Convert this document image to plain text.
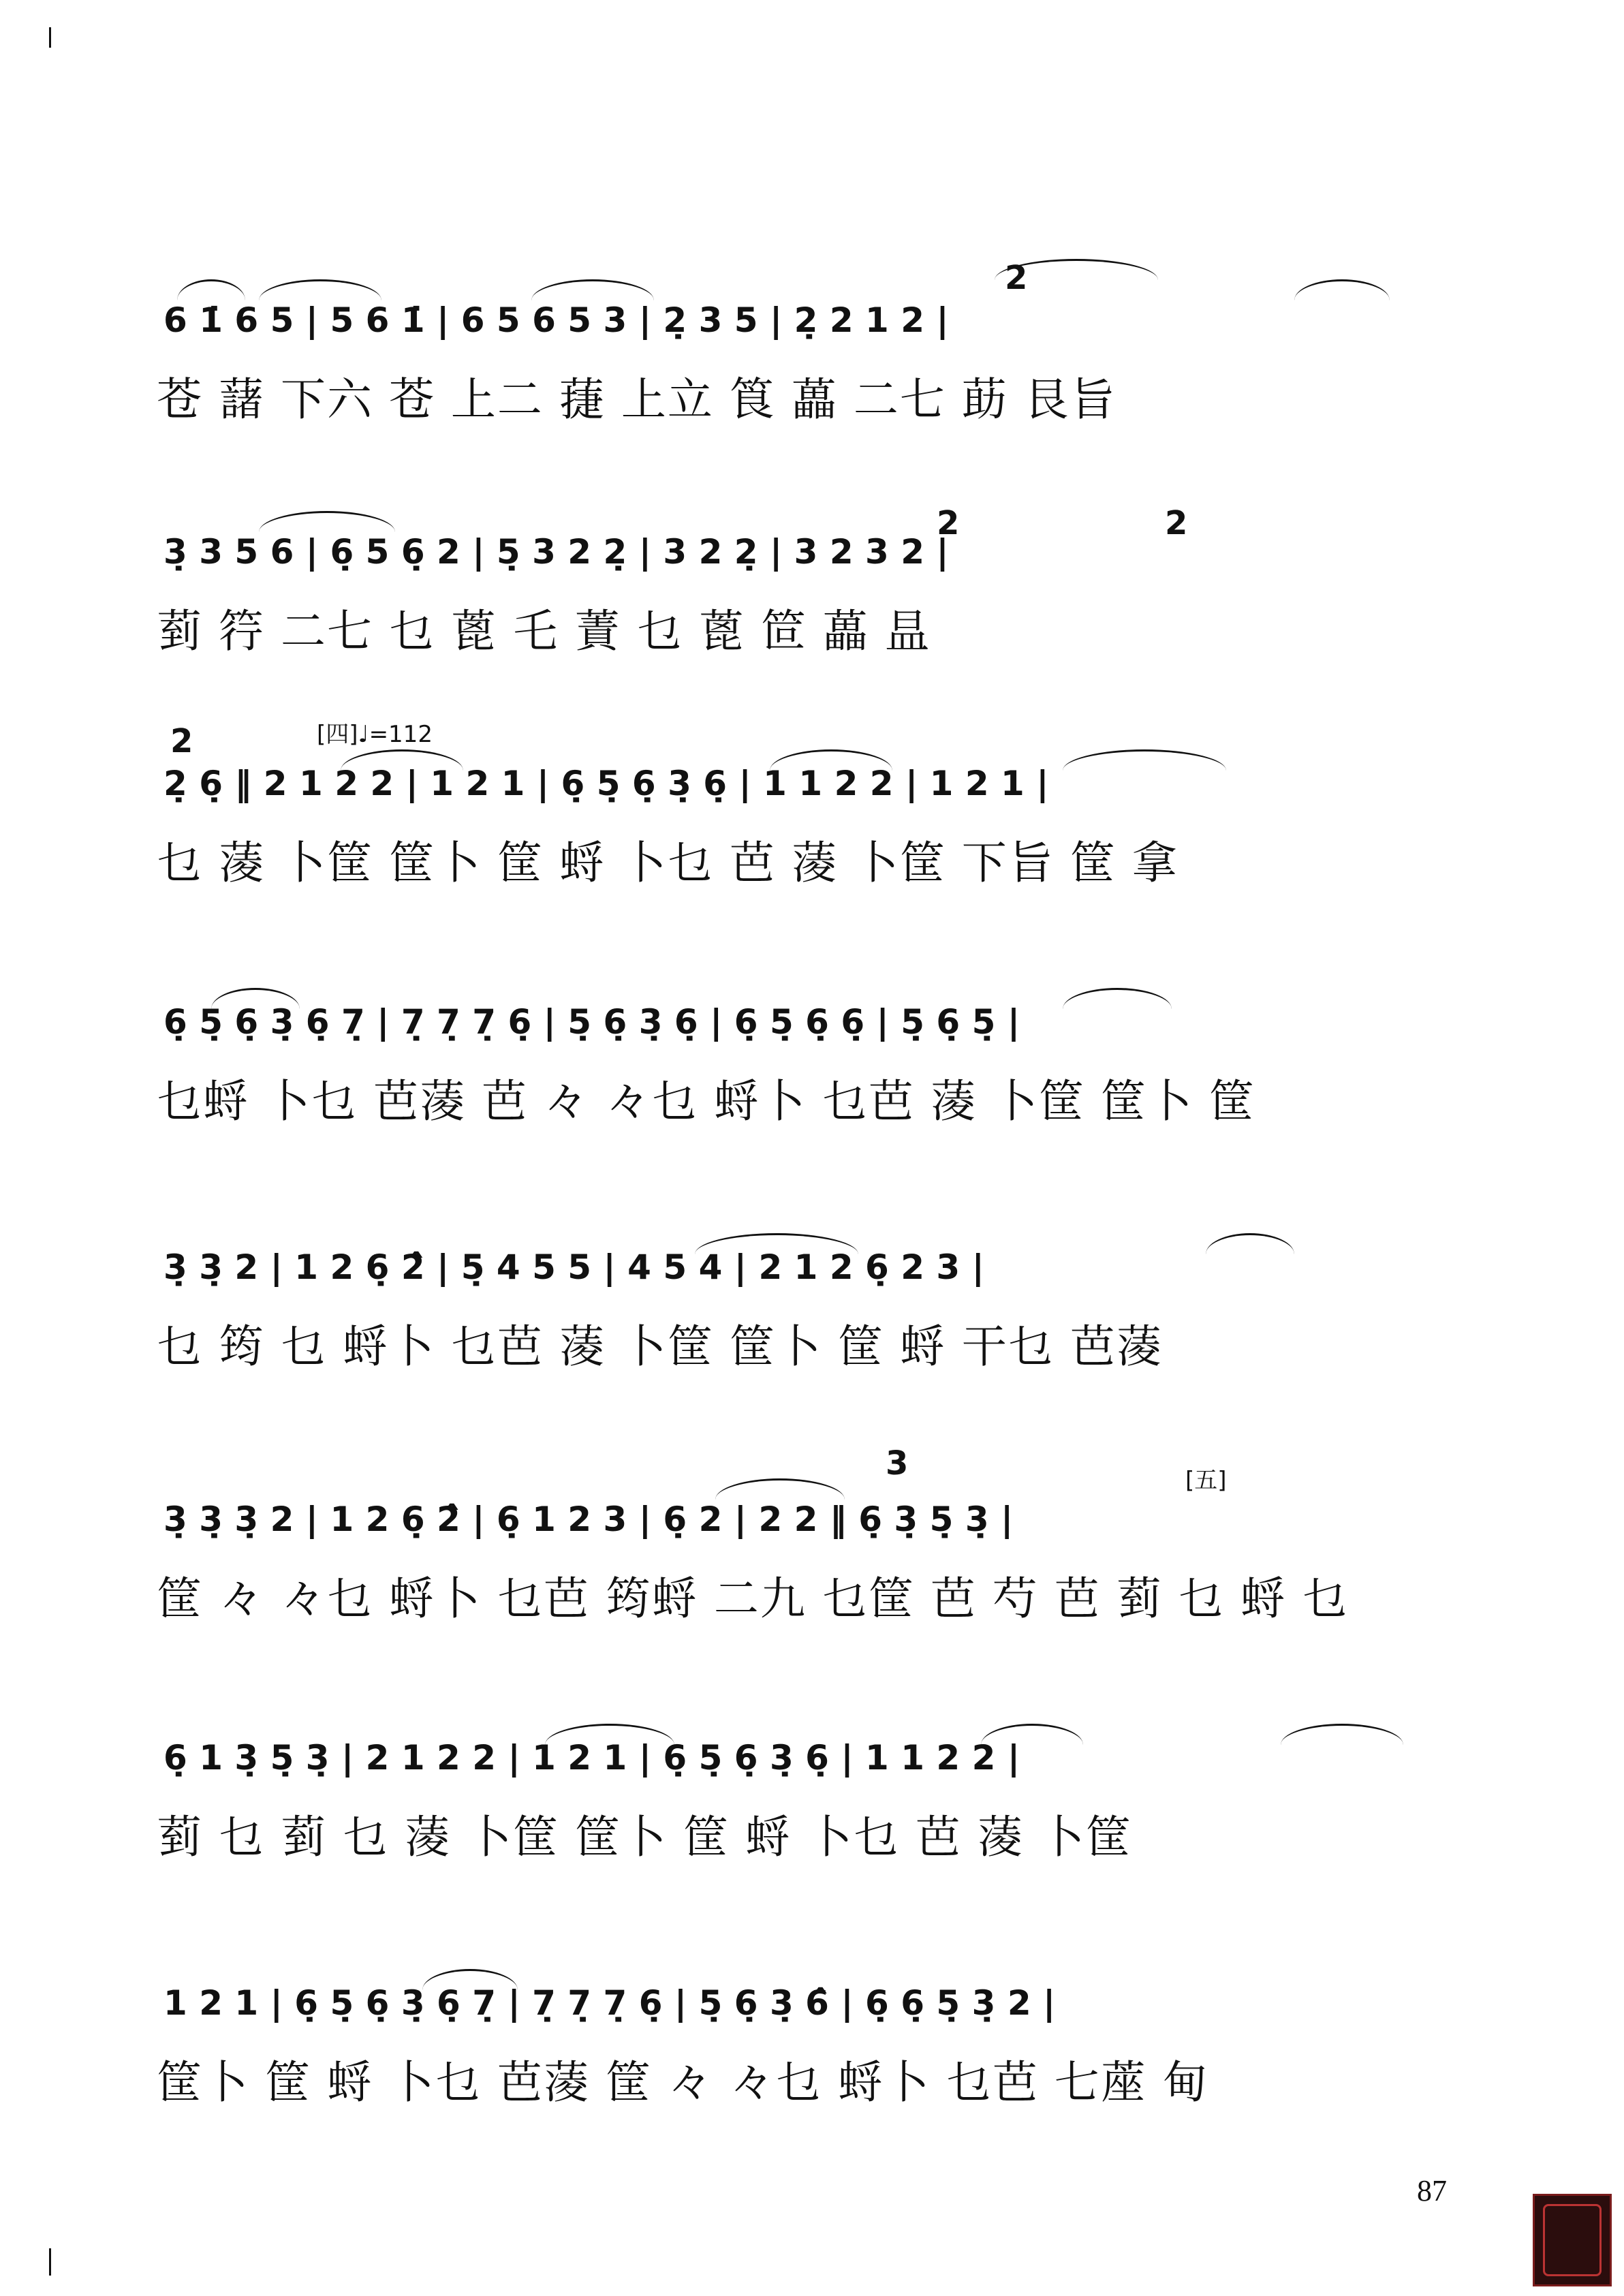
2
6 1̇ 6 5 | 5 6 1̇ | 6 5 6 5 3 | 2̣ 3 5 | 2̣ 2 1 2 |
苍 藷 下六 苍 上二 蓵 上立 筤 藟 二七 莇 艮旨
2	2
3̣ 3 5 6 | 6̣ 5 6̣ 2 | 5̣ 3 2 2̣ | 3 2 2̣ | 3 2 3 2 |
菿 筕 二七 乜 蓖 乇 蔶 乜 蓖 笸 藟 昷
[四]♩=112
2
2̣ 6̣ ‖ 2 1 2 2 | 1 2 1 | 6̣ 5̣ 6̣ 3̣ 6̣ | 1 1 2 2 | 1 2 1 |
乜 蓤 卜筐 筐卜 筐 蛶 卜乜 芭 蓤 卜筐 下旨 筐 拿
6̣ 5̣ 6̣ 3̣ 6̣ 7̣ | 7̣ 7̣ 7̣ 6̣ | 5̣ 6̣ 3̣ 6̣ | 6̣ 5̣ 6̣ 6̣ | 5̣ 6̣ 5̣ |
乜蛶 卜乜 芭蓤 芭 々 々乜 蛶卜 乜芭 蓤 卜筐 筐卜 筐
3̣ 3̣ 2 | 1 2 6̣ 2̂ | 5̣ 4 5 5 | 4 5 4 | 2 1 2 6̣ 2 3 |
乜 筠 乜 蛶卜 乜芭 蓤 卜筐 筐卜 筐 蛶 干乜 芭蓤
[五]
3
3̣ 3̣ 3̣ 2 | 1 2 6̣ 2̂ | 6̣ 1 2 3 | 6̣ 2 | 2 2 ‖ 6̣ 3̣ 5̣ 3̣ |
筐 々 々乜 蛶卜 乜芭 筠蛶 二九 乜筐 芭 芍 芭 菿 乜 蛶 乜
6̣ 1 3̣ 5̣ 3̣ | 2 1 2 2 | 1 2 1 | 6̣ 5̣ 6̣ 3̣ 6̣ | 1 1 2 2 |
菿 乜 菿 乜 蓤 卜筐 筐卜 筐 蛶 卜乜 芭 蓤 卜筐
1 2 1 | 6̣ 5̣ 6̣ 3̣ 6̣ 7̣ | 7̣ 7̣ 7̣ 6̣ | 5̣ 6̣ 3̣ 6̂ | 6̣ 6̣ 5̣ 3̣ 2 |
筐卜 筐 蛶 卜乜 芭蓤 筐 々 々乜 蛶卜 乜芭 七蓙 甸
87
